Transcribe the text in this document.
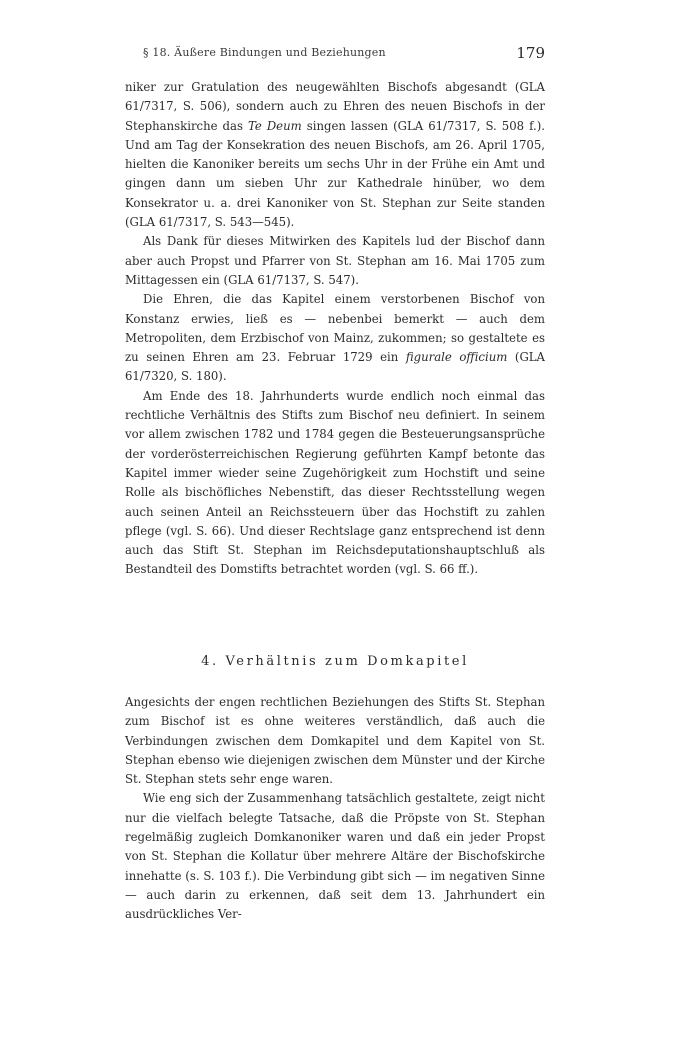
§ 18. Äußere Bindungen und Beziehungen	179

niker zur Gratulation des neugewählten Bischofs abgesandt (GLA 61/7317, S. 506), sondern auch zu Ehren des neuen Bischofs in der Stephanskirche das Te Deum singen lassen (GLA 61/7317, S. 508 f.). Und am Tag der Konsekration des neuen Bischofs, am 26. April 1705, hielten die Kanoniker bereits um sechs Uhr in der Frühe ein Amt und gingen dann um sieben Uhr zur Kathedrale hinüber, wo dem Konsekrator u. a. drei Kanoniker von St. Stephan zur Seite standen (GLA 61/7317, S. 543—545).

Als Dank für dieses Mitwirken des Kapitels lud der Bischof dann aber auch Propst und Pfarrer von St. Stephan am 16. Mai 1705 zum Mittagessen ein (GLA 61/7137, S. 547).

Die Ehren, die das Kapitel einem verstorbenen Bischof von Konstanz erwies, ließ es — nebenbei bemerkt — auch dem Metropoliten, dem Erzbischof von Mainz, zukommen; so gestaltete es zu seinen Ehren am 23. Februar 1729 ein figurale officium (GLA 61/7320, S. 180).

Am Ende des 18. Jahrhunderts wurde endlich noch einmal das rechtliche Verhältnis des Stifts zum Bischof neu definiert. In seinem vor allem zwischen 1782 und 1784 gegen die Besteuerungsansprüche der vorderösterreichischen Regierung geführten Kampf betonte das Kapitel immer wieder seine Zugehörigkeit zum Hochstift und seine Rolle als bischöfliches Nebenstift, das dieser Rechtsstellung wegen auch seinen Anteil an Reichssteuern über das Hochstift zu zahlen pflege (vgl. S. 66). Und dieser Rechtslage ganz entsprechend ist denn auch das Stift St. Stephan im Reichsdeputationshauptschluß als Bestandteil des Domstifts betrachtet worden (vgl. S. 66 ff.).

4. Verhältnis zum Domkapitel

Angesichts der engen rechtlichen Beziehungen des Stifts St. Stephan zum Bischof ist es ohne weiteres verständlich, daß auch die Verbindungen zwischen dem Domkapitel und dem Kapitel von St. Stephan ebenso wie diejenigen zwischen dem Münster und der Kirche St. Stephan stets sehr enge waren.

Wie eng sich der Zusammenhang tatsächlich gestaltete, zeigt nicht nur die vielfach belegte Tatsache, daß die Pröpste von St. Stephan regelmäßig zugleich Domkanoniker waren und daß ein jeder Propst von St. Stephan die Kollatur über mehrere Altäre der Bischofskirche innehatte (s. S. 103 f.). Die Verbindung gibt sich — im negativen Sinne — auch darin zu erkennen, daß seit dem 13. Jahrhundert ein ausdrückliches Ver-
